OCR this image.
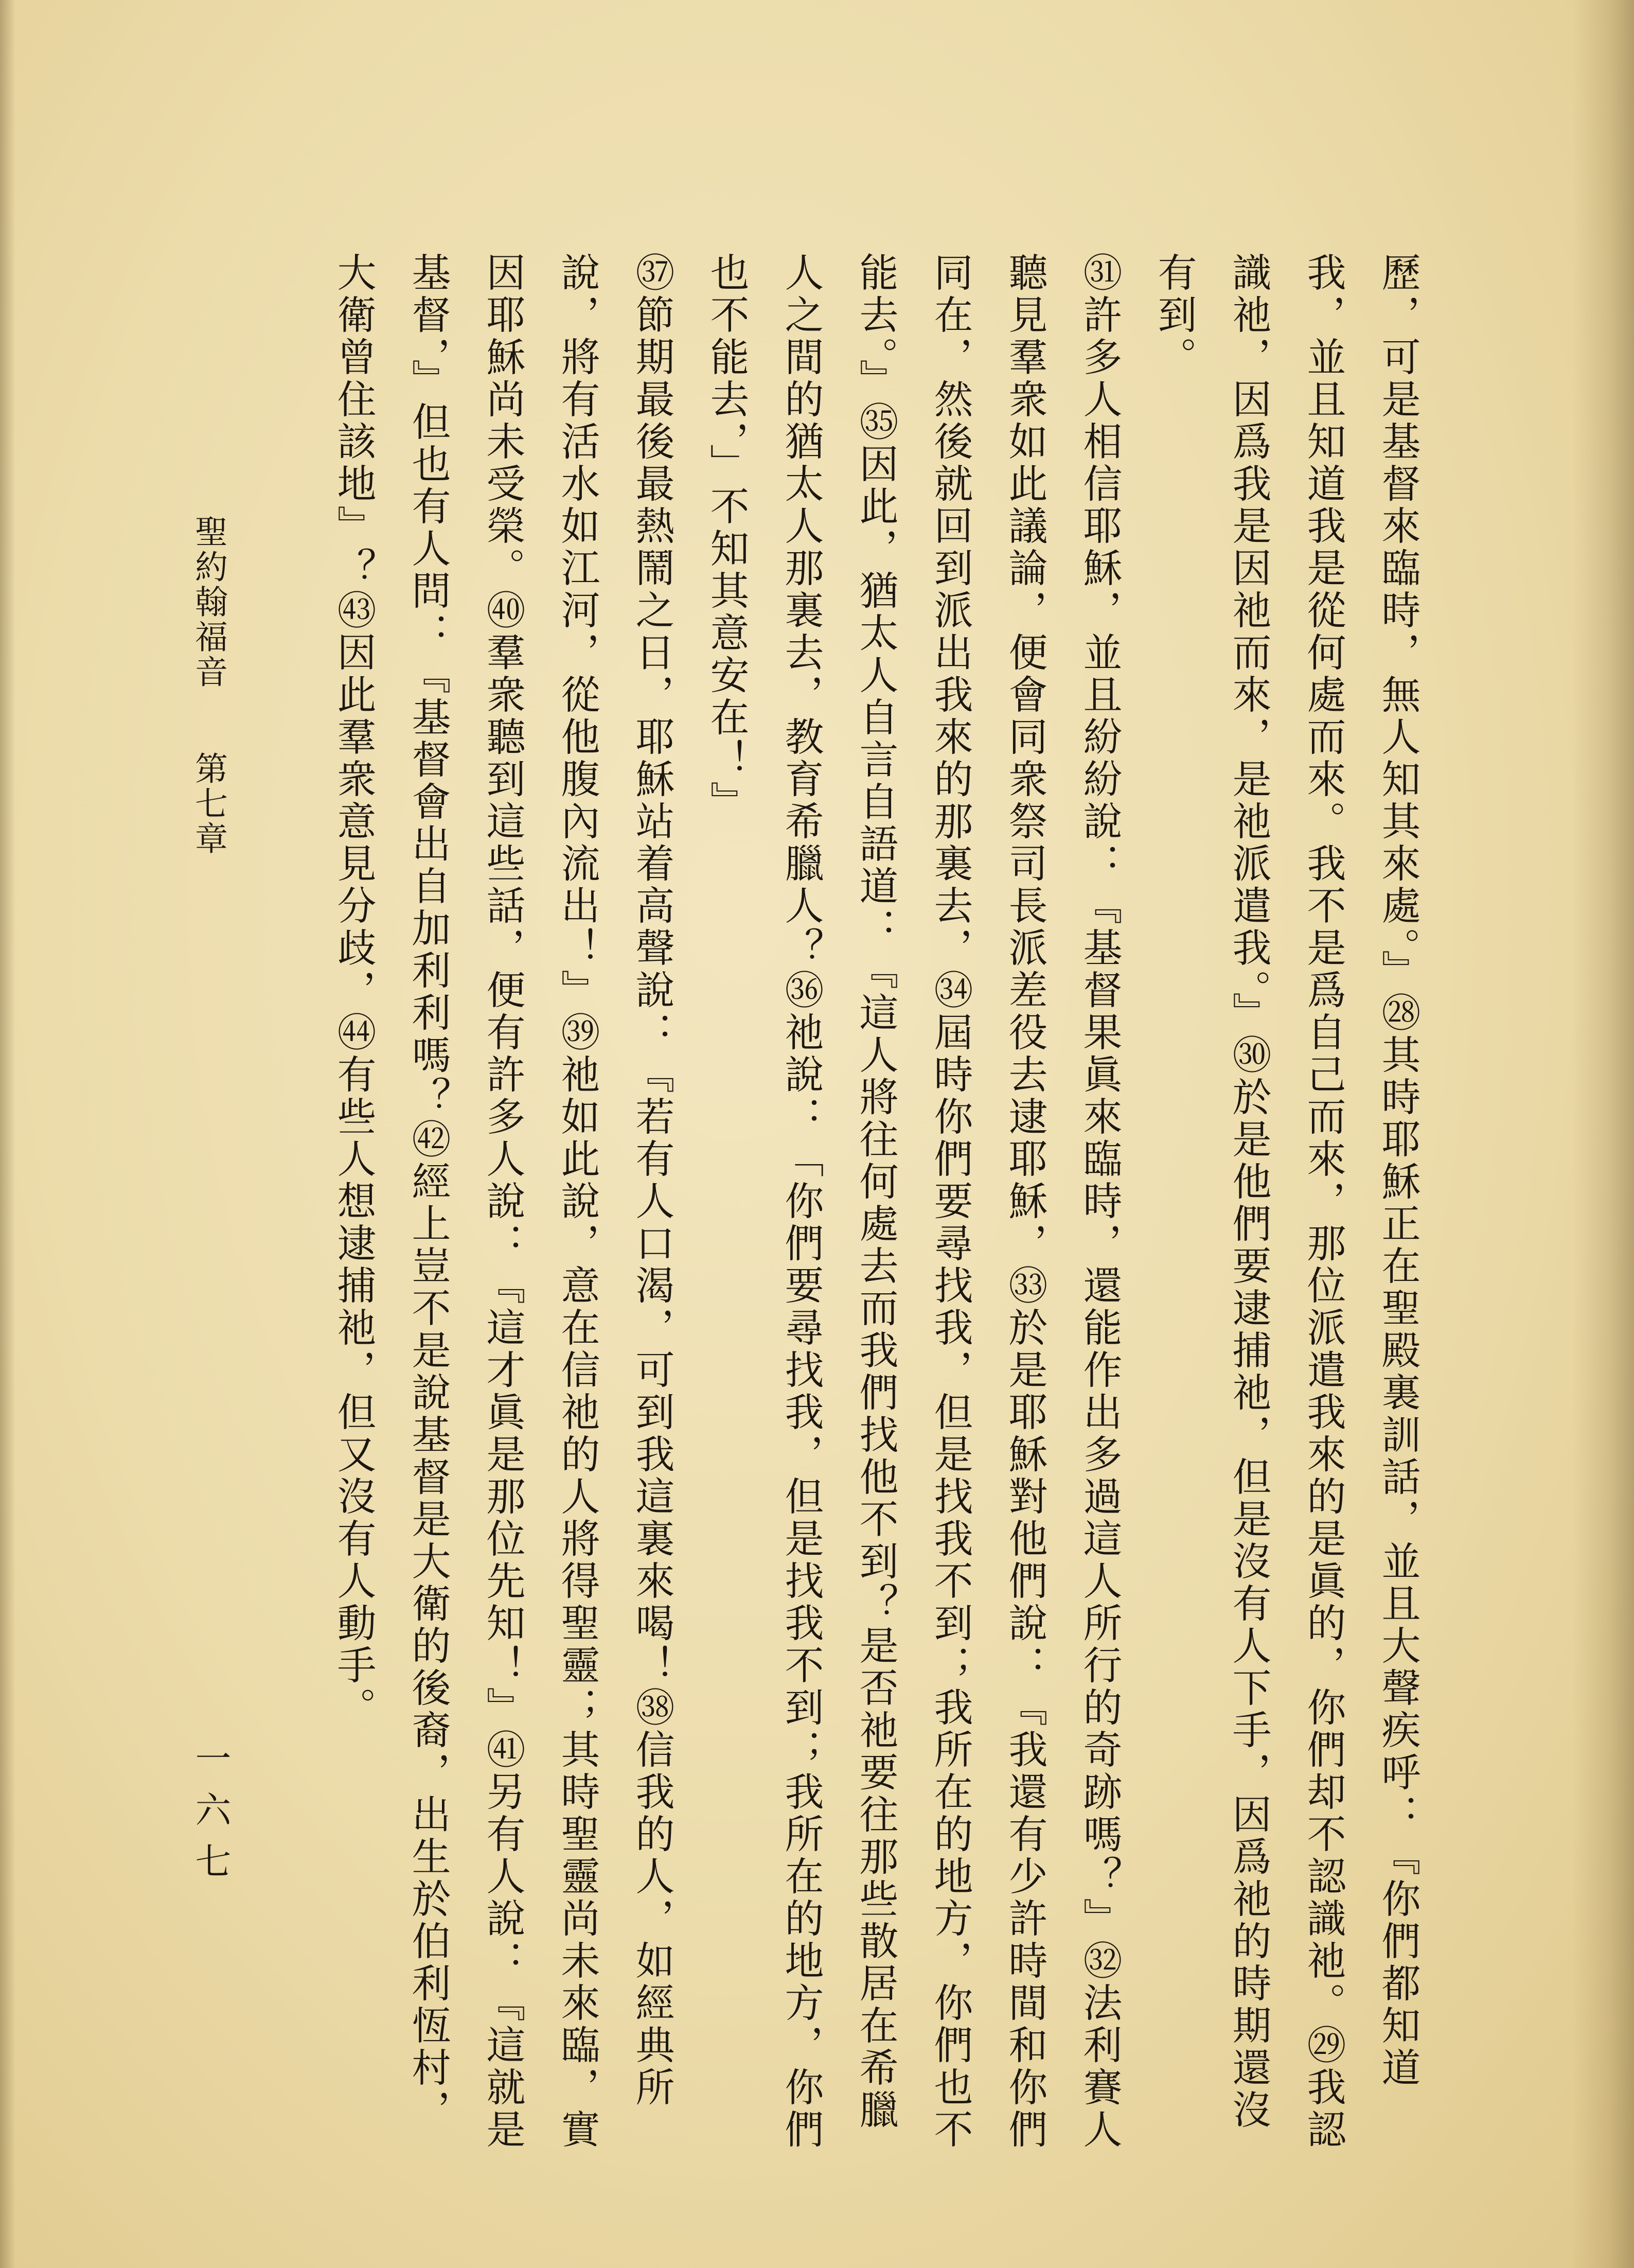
歷，可是基督來臨時，無人知其來處。』㉘其時耶穌正在聖殿裏訓話，並且大聲疾呼：『你們都知道我，並且知道我是從何處而來。我不是爲自己而來，那位派遣我來的是眞的，你們却不認識祂。㉙我認識祂，因爲我是因祂而來，是祂派遣我。』㉚於是他們要逮捕祂，但是沒有人下手，因爲祂的時期還沒有到。

㉛許多人相信耶穌，並且紛紛說：『基督果眞來臨時，還能作出多過這人所行的奇跡嗎？』㉜法利賽人聽見羣衆如此議論，便會同衆祭司長派差役去逮耶穌，㉝於是耶穌對他們說：『我還有少許時間和你們同在，然後就回到派出我來的那裏去，㉞屆時你們要尋找我，但是找我不到；我所在的地方，你們也不能去。』㉟因此，猶太人自言自語道：『這人將往何處去而我們找他不到？是否祂要往那些散居在希臘人之間的猶太人那裏去，教育希臘人？㊱祂說：「你們要尋找我，但是找我不到；我所在的地方，你們也不能去，」不知其意安在！』

㊲節期最後最熱鬧之日，耶穌站着高聲說：『若有人口渴，可到我這裏來喝！㊳信我的人，如經典所說，將有活水如江河，從他腹內流出！』㊴祂如此說，意在信祂的人將得聖靈；其時聖靈尚未來臨，實因耶穌尚未受榮。㊵羣衆聽到這些話，便有許多人說：『這才眞是那位先知！』㊶另有人說：『這就是基督，』但也有人問：『基督會出自加利利嗎？㊷經上豈不是說基督是大衛的後裔，出生於伯利恆村，大衛曾住該地』？㊸因此羣衆意見分歧，㊹有些人想逮捕祂，但又沒有人動手。

聖約翰福音第七章
一六七
